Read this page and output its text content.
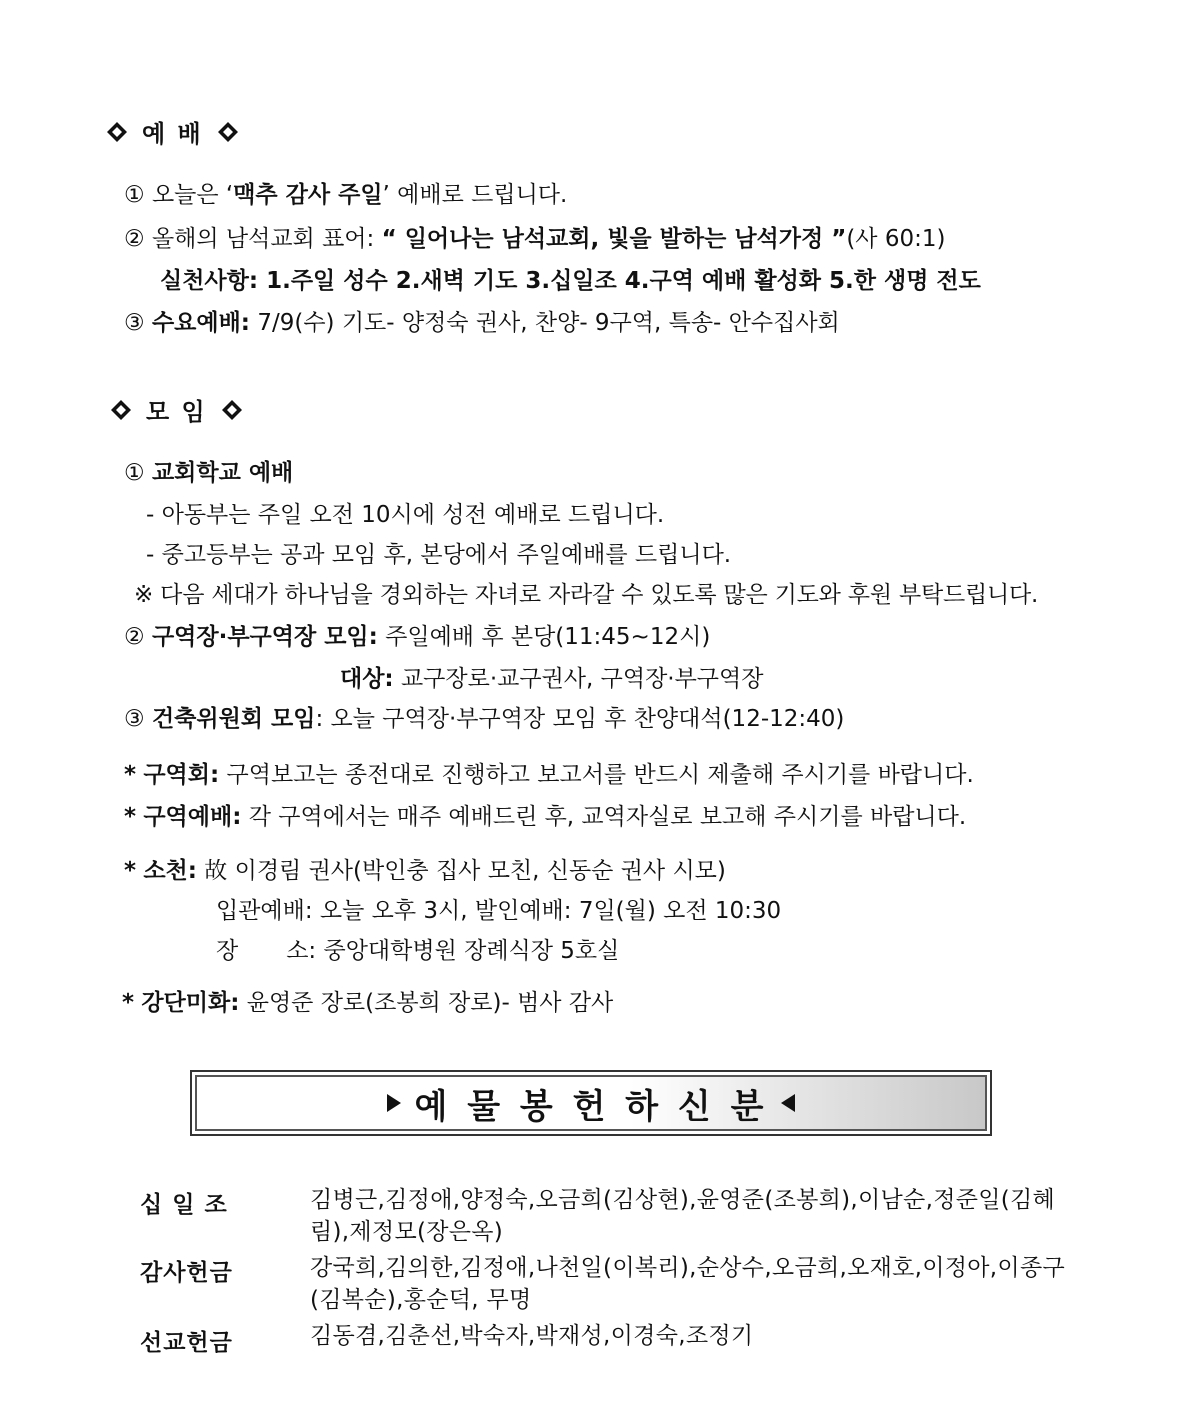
예 배
① 오늘은 ‘맥추 감사 주일’ 예배로 드립니다.
② 올해의 남석교회 표어: “ 일어나는 남석교회, 빛을 발하는 남석가정 ”(사 60:1)
실천사항: 1.주일 성수 2.새벽 기도 3.십일조 4.구역 예배 활성화 5.한 생명 전도
③ 수요예배: 7/9(수) 기도- 양정숙 권사, 찬양- 9구역, 특송- 안수집사회
모 임
① 교회학교 예배
- 아동부는 주일 오전 10시에 성전 예배로 드립니다.
- 중고등부는 공과 모임 후, 본당에서 주일예배를 드립니다.
※ 다음 세대가 하나님을 경외하는 자녀로 자라갈 수 있도록 많은 기도와 후원 부탁드립니다.
② 구역장·부구역장 모임: 주일예배 후 본당(11:45~12시)
대상: 교구장로·교구권사, 구역장·부구역장
③ 건축위원회 모임: 오늘 구역장·부구역장 모임 후 찬양대석(12-12:40)
* 구역회: 구역보고는 종전대로 진행하고 보고서를 반드시 제출해 주시기를 바랍니다.
* 구역예배: 각 구역에서는 매주 예배드린 후, 교역자실로 보고해 주시기를 바랍니다.
* 소천: 故 이경림 권사(박인충 집사 모친, 신동순 권사 시모)
입관예배: 오늘 오후 3시, 발인예배: 7일(월) 오전 10:30
장 소: 중앙대학병원 장례식장 5호실
* 강단미화: 윤영준 장로(조봉희 장로)- 범사 감사
예 물 봉 헌 하 신 분
십 일 조	김병근,김정애,양정숙,오금희(김상현),윤영준(조봉희),이남순,정준일(김혜림),제정모(장은옥)
감사헌금	강국희,김의한,김정애,나천일(이복리),순상수,오금희,오재호,이정아,이종구(김복순),홍순덕, 무명
선교헌금	김동겸,김춘선,박숙자,박재성,이경숙,조정기
